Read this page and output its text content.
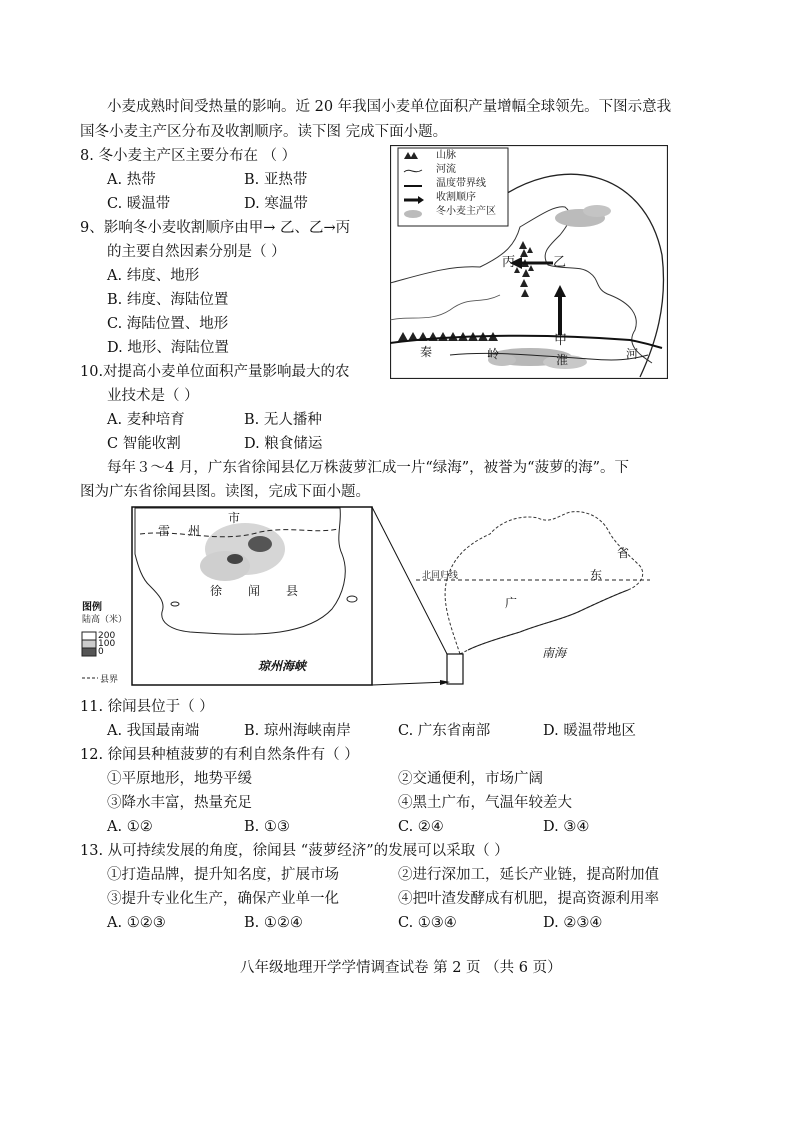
小麦成熟时间受热量的影响。近 20 年我国小麦单位面积产量增幅全球领先。下图示意我
国冬小麦主产区分布及收割顺序。读下图 完成下面小题。
8. 冬小麦主产区主要分布在 （ ）
A. 热带	B. 亚热带
C. 暖温带	D. 寒温带
9、影响冬小麦收割顺序由甲→ 乙、乙→丙
的主要自然因素分别是（ ）
A. 纬度、地形
B. 纬度、海陆位置
C. 海陆位置、地形
D. 地形、海陆位置
10.对提高小麦单位面积产量影响最大的农
业技术是（ ）
A. 麦种培育	B. 无人播种
C 智能收割	D. 粮食储运
山脉
河流
温度带界线
收割顺序
冬小麦主产区
丙	乙
甲
秦	岭	淮	河
每年３～4 月，广东省徐闻县亿万株菠萝汇成一片“绿海”，被誉为“菠萝的海”。下
图为广东省徐闻县图。读图，完成下面小题。
市
雷 州
徐 闻 县
琼州海峡
图例
陆高（米）
200
100
0
县界
北回归线	东
省
广
南海
11. 徐闻县位于（ ）
A. 我国最南端	B. 琼州海峡南岸	C. 广东省南部	D. 暖温带地区
12. 徐闻县种植菠萝的有利自然条件有（ ）
①平原地形，地势平缓	②交通便利，市场广阔
③降水丰富，热量充足	④黑土广布，气温年较差大
A. ①②	B. ①③	C. ②④	D. ③④
13. 从可持续发展的角度，徐闻县 “菠萝经济”的发展可以采取（ ）
①打造品牌，提升知名度，扩展市场	②进行深加工，延长产业链，提高附加值
③提升专业化生产，确保产业单一化	④把叶渣发酵成有机肥，提高资源利用率
A. ①②③	B. ①②④	C. ①③④	D. ②③④
八年级地理开学学情调查试卷 第 2 页 （共 6 页）
